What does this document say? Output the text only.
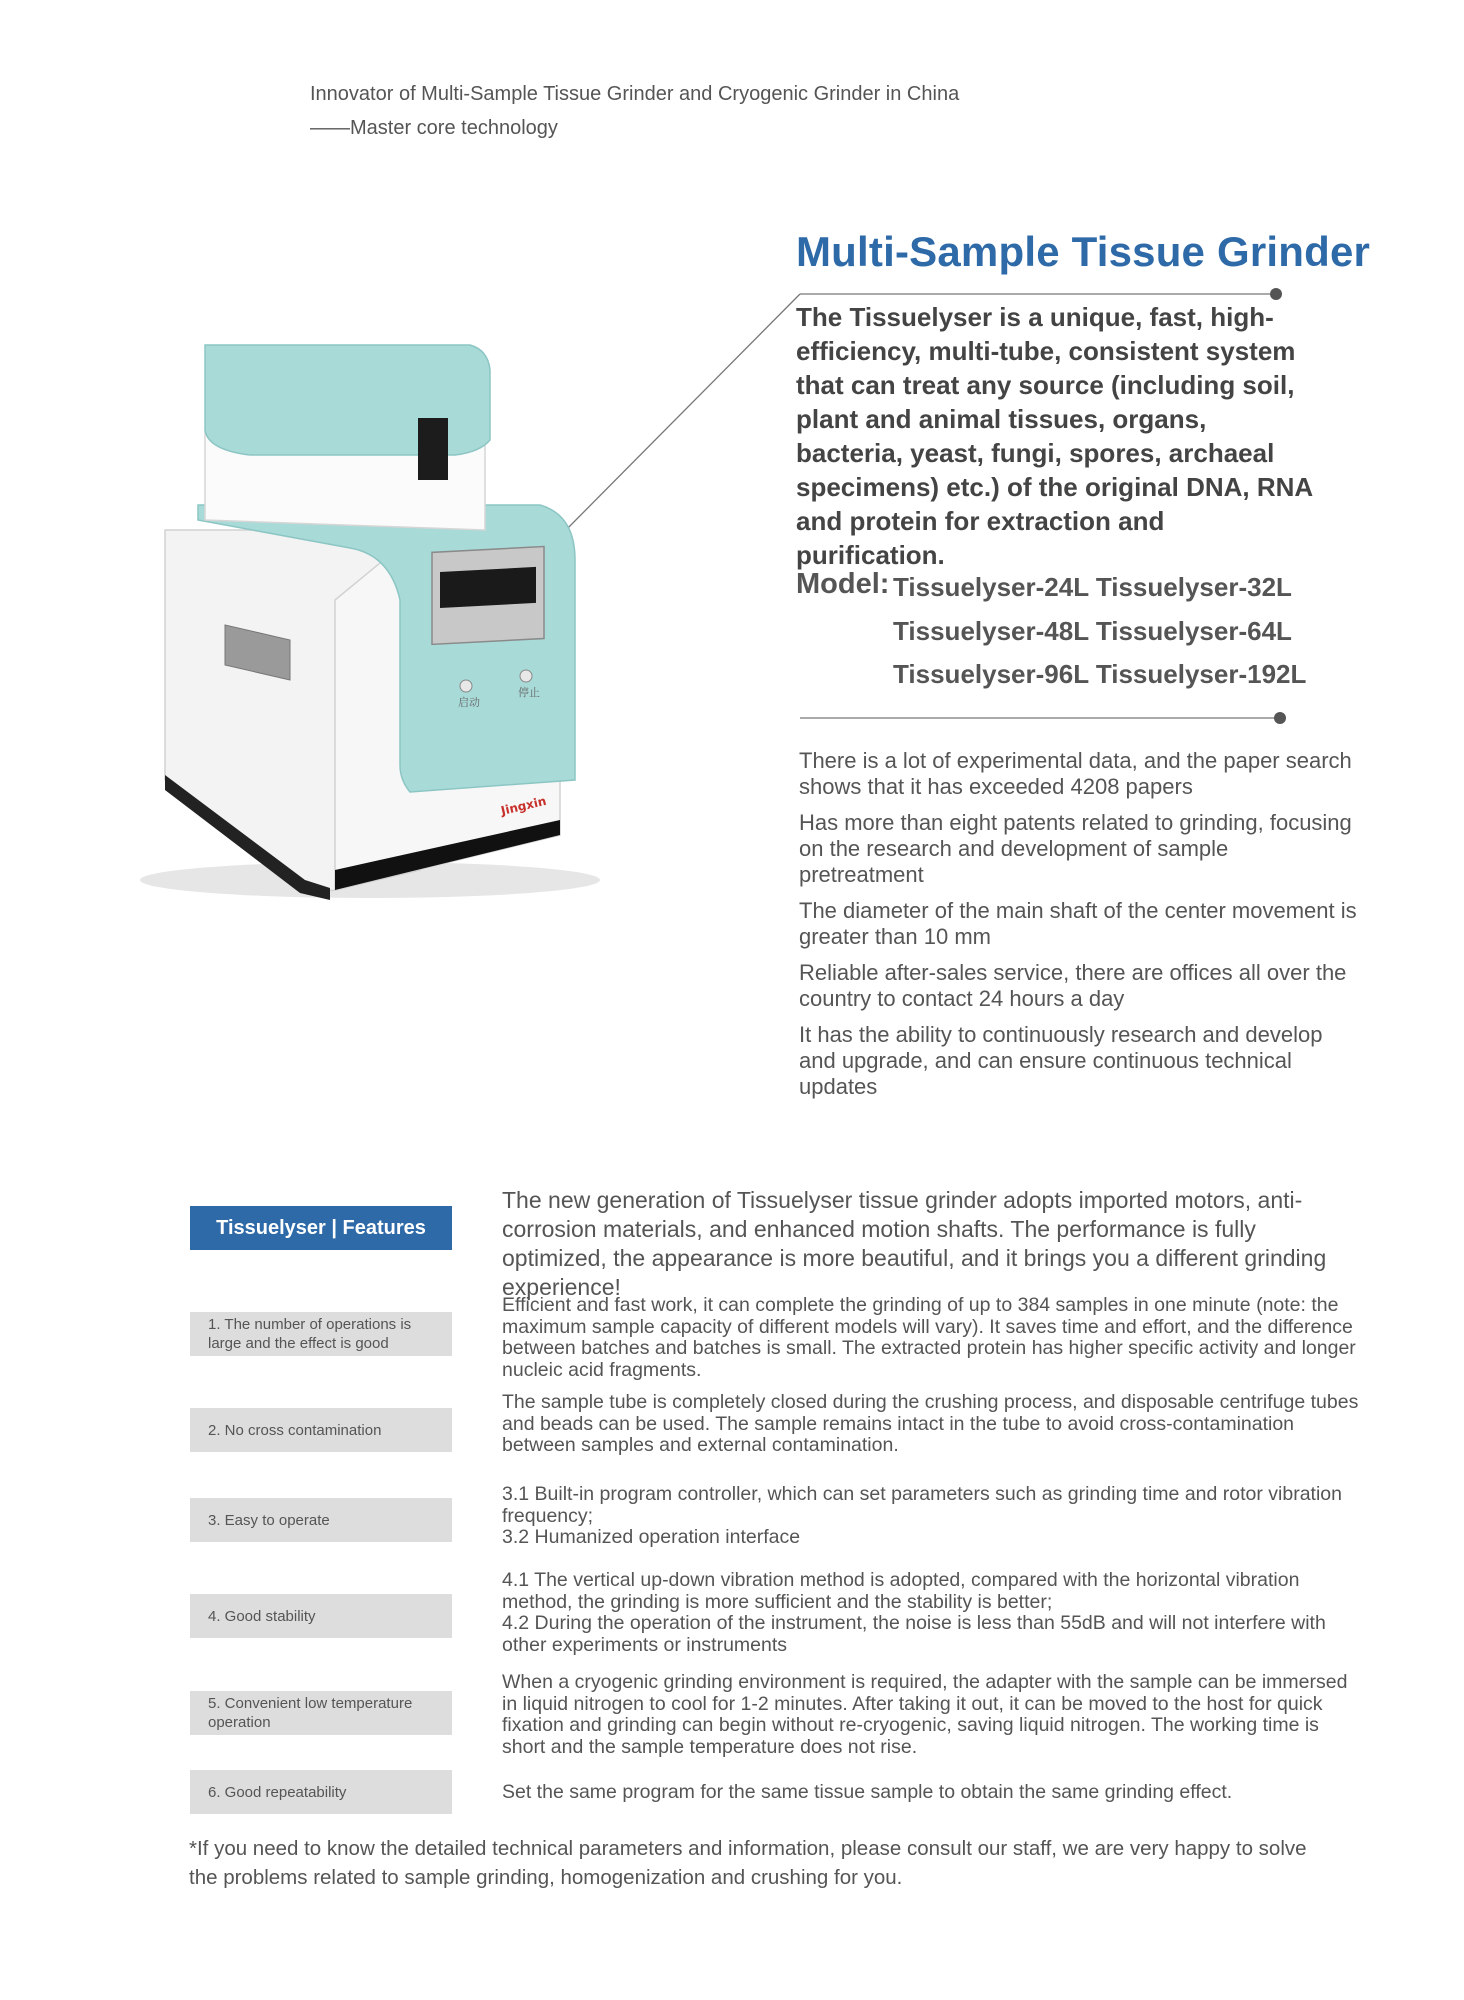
Innovator of Multi-Sample Tissue Grinder and Cryogenic Grinder in China
——Master core technology
启动
停止
Jingxin
Multi-Sample Tissue Grinder
The Tissuelyser is a unique, fast, high-efficiency, multi-tube, consistent system that can treat any source (including soil, plant and animal tissues, organs, bacteria, yeast, fungi, spores, archaeal specimens) etc.) of the original DNA, RNA and protein for extraction and purification.
Model: Tissuelyser-24L Tissuelyser-32L
Tissuelyser-48L Tissuelyser-64L
Tissuelyser-96L Tissuelyser-192L
There is a lot of experimental data, and the paper search shows that it has exceeded 4208 papers
Has more than eight patents related to grinding, focusing on the research and development of sample pretreatment
The diameter of the main shaft of the center movement is greater than 10 mm
Reliable after-sales service, there are offices all over the country to contact 24 hours a day
It has the ability to continuously research and develop and upgrade, and can ensure continuous technical updates
Tissuelyser | Features
The new generation of Tissuelyser tissue grinder adopts imported motors, anti-corrosion materials, and enhanced motion shafts. The performance is fully optimized, the appearance is more beautiful, and it brings you a different grinding experience!
1. The number of operations is large and the effect is good
Efficient and fast work, it can complete the grinding of up to 384 samples in one minute (note: the maximum sample capacity of different models will vary). It saves time and effort, and the difference between batches and batches is small. The extracted protein has higher specific activity and longer nucleic acid fragments.
2. No cross contamination
The sample tube is completely closed during the crushing process, and disposable centrifuge tubes and beads can be used. The sample remains intact in the tube to avoid cross-contamination between samples and external contamination.
3. Easy to operate
3.1 Built-in program controller, which can set parameters such as grinding time and rotor vibration frequency;
3.2 Humanized operation interface
4. Good stability
4.1 The vertical up-down vibration method is adopted, compared with the horizontal vibration method, the grinding is more sufficient and the stability is better;
4.2 During the operation of the instrument, the noise is less than 55dB and will not interfere with other experiments or instruments
5. Convenient low temperature operation
When a cryogenic grinding environment is required, the adapter with the sample can be immersed in liquid nitrogen to cool for 1-2 minutes. After taking it out, it can be moved to the host for quick fixation and grinding can begin without re-cryogenic, saving liquid nitrogen. The working time is short and the sample temperature does not rise.
6. Good repeatability	Set the same program for the same tissue sample to obtain the same grinding effect.
*If you need to know the detailed technical parameters and information, please consult our staff, we are very happy to solve the problems related to sample grinding, homogenization and crushing for you.
